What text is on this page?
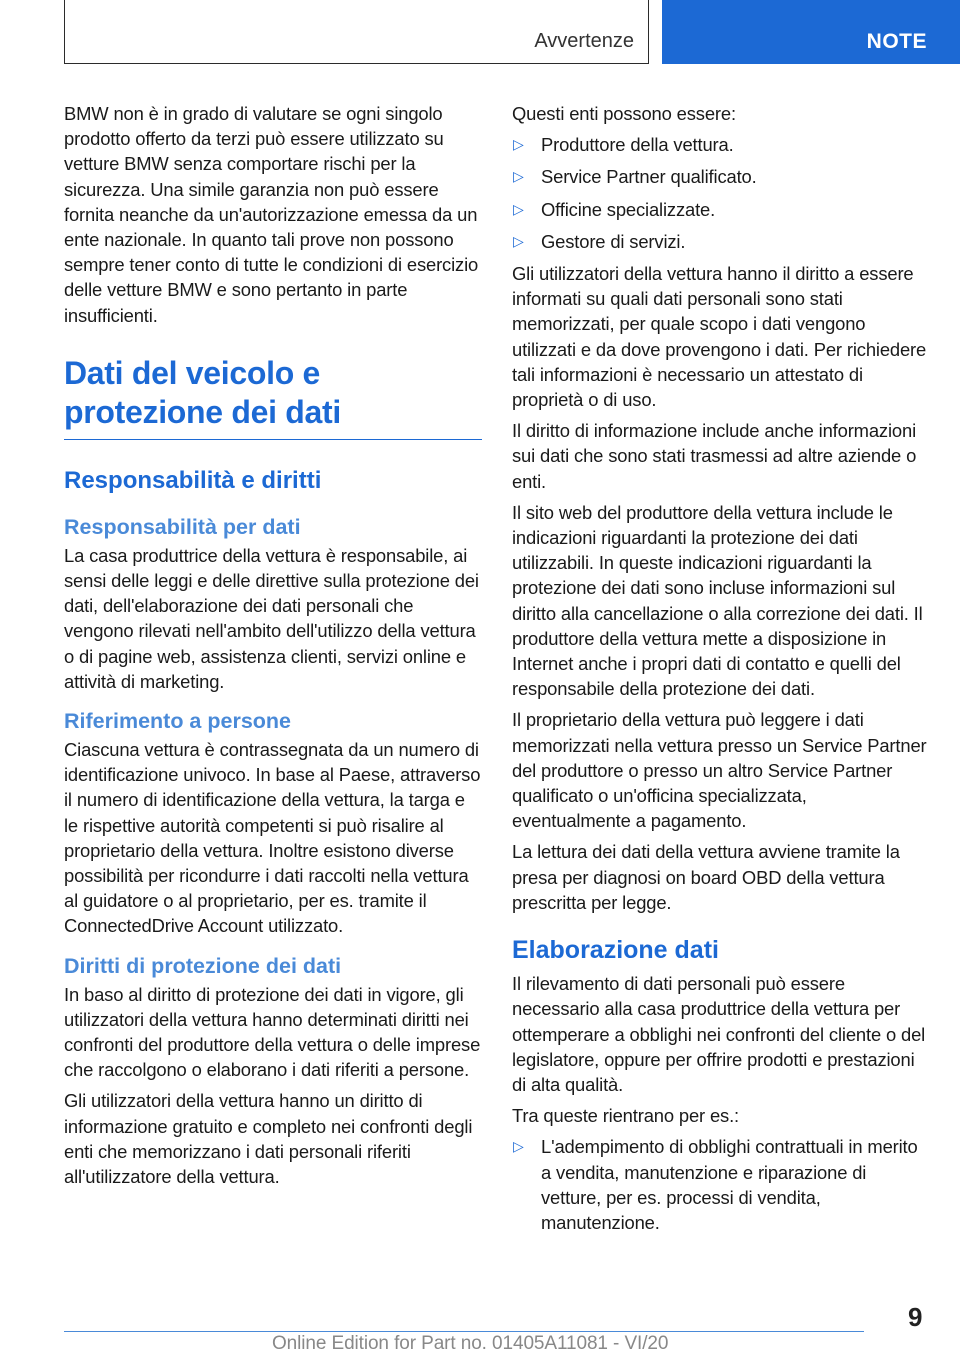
Avvertenze	NOTE

BMW non è in grado di valutare se ogni singolo prodotto offerto da terzi può essere utilizzato su vetture BMW senza comportare rischi per la sicurezza. Una simile garanzia non può essere fornita neanche da un'autorizzazione emessa da un ente nazionale. In quanto tali prove non possono sempre tener conto di tutte le condizioni di esercizio delle vetture BMW e sono pertanto in parte insufficienti.

Dati del veicolo e protezione dei dati
Responsabilità e diritti
Responsabilità per dati

La casa produttrice della vettura è responsabile, ai sensi delle leggi e delle direttive sulla protezione dei dati, dell'elaborazione dei dati personali che vengono rilevati nell'ambito dell'utilizzo della vettura o di pagine web, assistenza clienti, servizi online e attività di marketing.

Riferimento a persone

Ciascuna vettura è contrassegnata da un numero di identificazione univoco. In base al Paese, attraverso il numero di identificazione della vettura, la targa e le rispettive autorità competenti si può risalire al proprietario della vettura. Inoltre esistono diverse possibilità per ricondurre i dati raccolti nella vettura al guidatore o al proprietario, per es. tramite il ConnectedDrive Account utilizzato.

Diritti di protezione dei dati

In baso al diritto di protezione dei dati in vigore, gli utilizzatori della vettura hanno determinati diritti nei confronti del produttore della vettura o delle imprese che raccolgono o elaborano i dati riferiti a persone.

Gli utilizzatori della vettura hanno un diritto di informazione gratuito e completo nei confronti degli enti che memorizzano i dati personali riferiti all'utilizzatore della vettura.

Questi enti possono essere:

▷ Produttore della vettura.
▷ Service Partner qualificato.
▷ Officine specializzate.
▷ Gestore di servizi.

Gli utilizzatori della vettura hanno il diritto a essere informati su quali dati personali sono stati memorizzati, per quale scopo i dati vengono utilizzati e da dove provengono i dati. Per richiedere tali informazioni è necessario un attestato di proprietà o di uso.

Il diritto di informazione include anche informazioni sui dati che sono stati trasmessi ad altre aziende o enti.

Il sito web del produttore della vettura include le indicazioni riguardanti la protezione dei dati utilizzabili. In queste indicazioni riguardanti la protezione dei dati sono incluse informazioni sul diritto alla cancellazione o alla correzione dei dati. Il produttore della vettura mette a disposizione in Internet anche i propri dati di contatto e quelli del responsabile della protezione dei dati.

Il proprietario della vettura può leggere i dati memorizzati nella vettura presso un Service Partner del produttore o presso un altro Service Partner qualificato o un'officina specializzata, eventualmente a pagamento.

La lettura dei dati della vettura avviene tramite la presa per diagnosi on board OBD della vettura prescritta per legge.

Elaborazione dati

Il rilevamento di dati personali può essere necessario alla casa produttrice della vettura per ottemperare a obblighi nei confronti del cliente o del legislatore, oppure per offrire prodotti e prestazioni di alta qualità.

Tra queste rientrano per es.:

▷ L'adempimento di obblighi contrattuali in merito a vendita, manutenzione e riparazione di vetture, per es. processi di vendita, manutenzione.
9
Online Edition for Part no. 01405A11081 - VI/20
